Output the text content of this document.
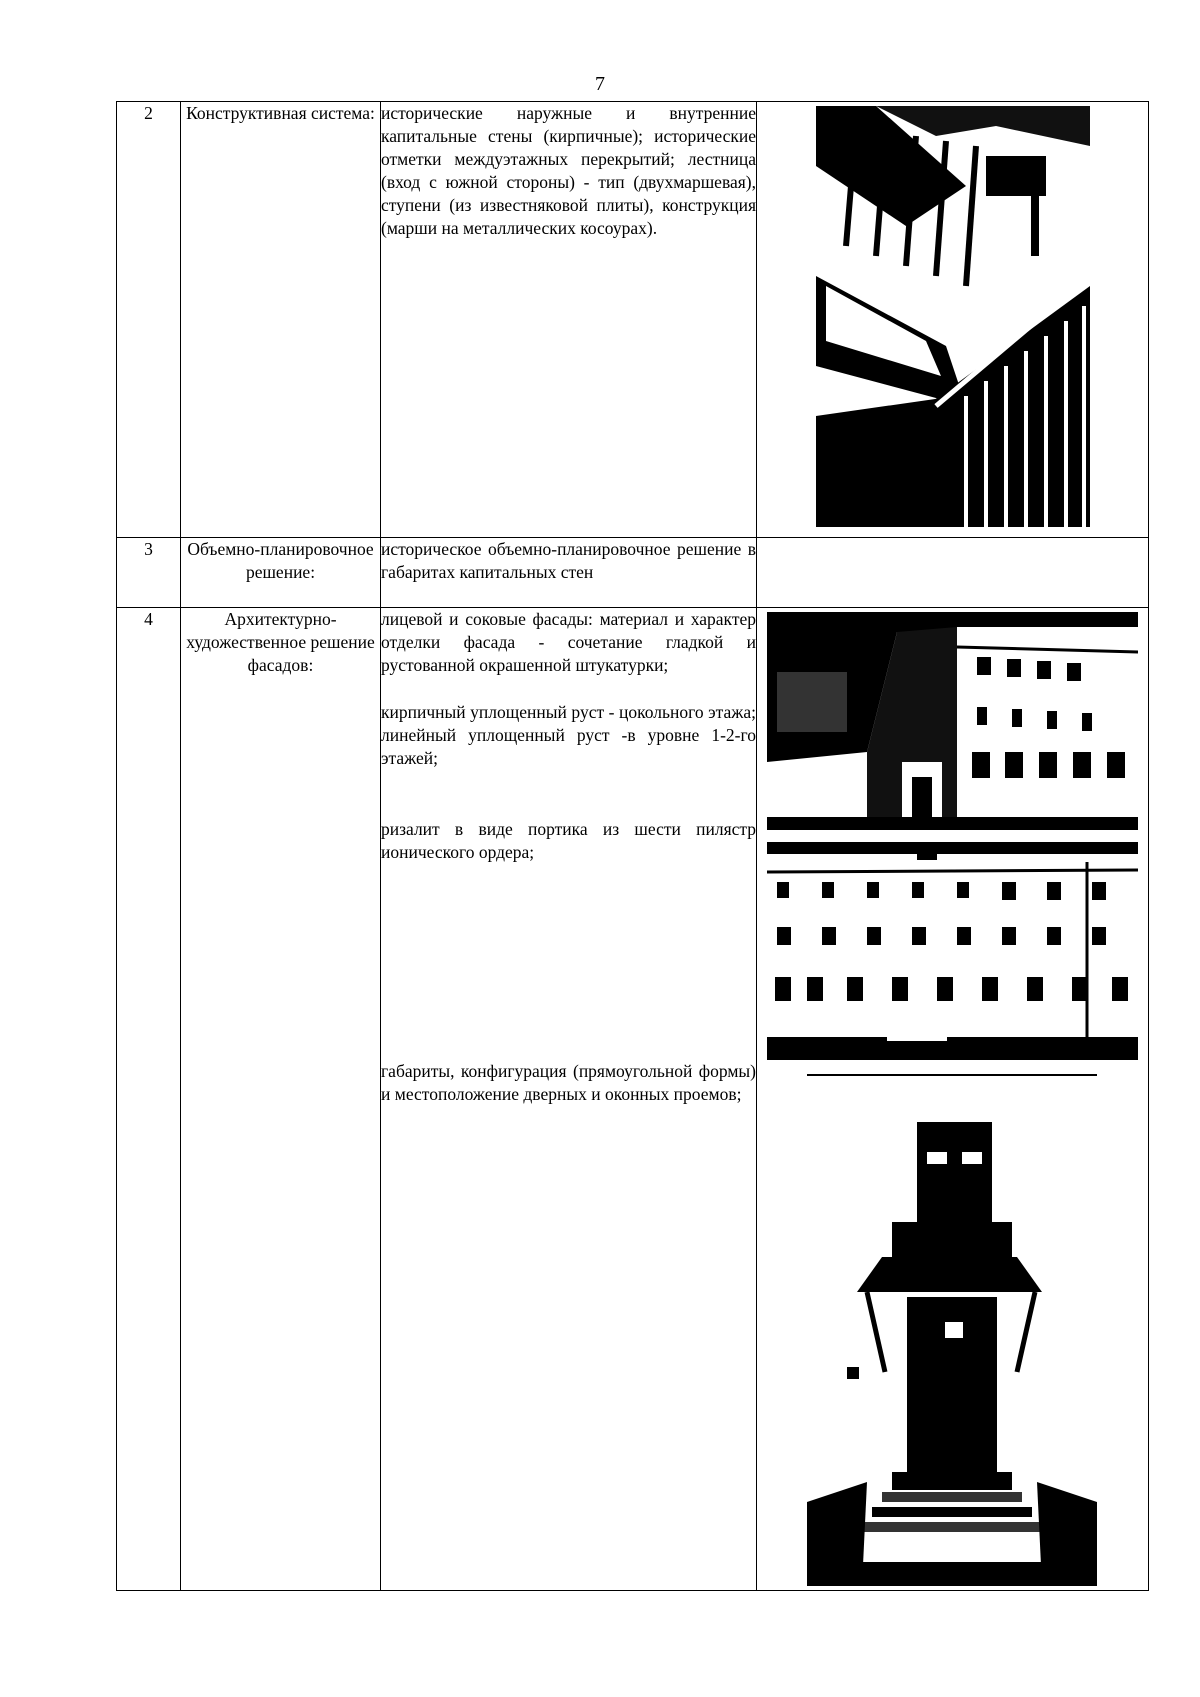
7
2	Конструктивная система:	исторические наружные и внутренние капитальные стены (кирпичные); исторические отметки междуэтажных перекрытий; лестница (вход с южной стороны) - тип (двухмаршевая), ступени (из известняковой плиты), конструкция (марши на металлических косоурах).

3	Объемно-планировочное решение:	историческое объемно-планировочное решение в габаритах капитальных стен	

4	Архитектурно-художественное решение фасадов:	лицевой и соковые фасады: материал и характер отделки фасада - сочетание гладкой и рустованной окрашенной штукатурки;

кирпичный уплощенный руст - цокольного этажа; линейный уплощенный руст -в уровне 1-2-го этажей;

ризалит в виде портика из шести пилястр ионического ордера;

габариты, конфигурация (прямоугольной формы) и местоположение дверных и оконных проемов;
